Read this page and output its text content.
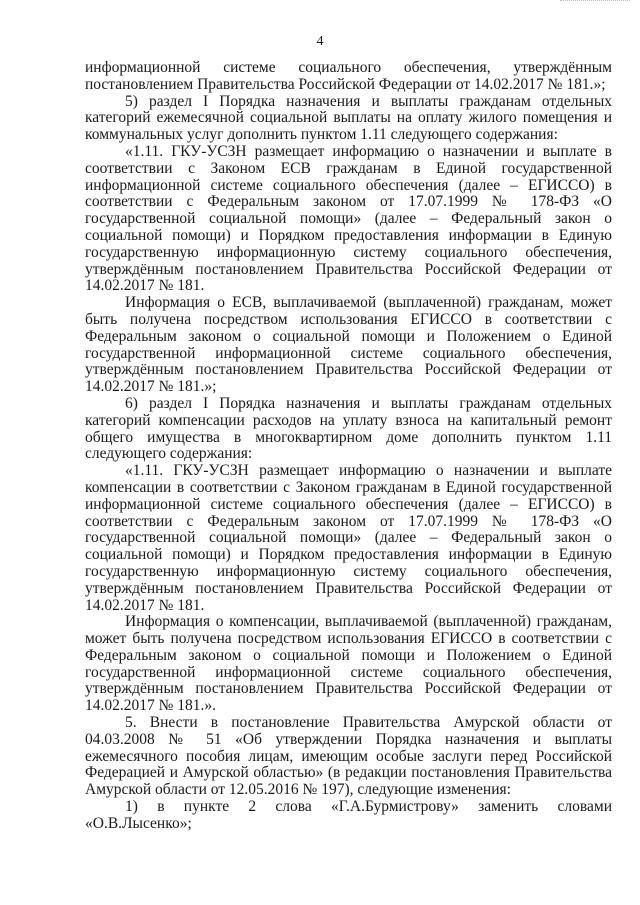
4

информационной системе социального обеспечения, утверждённым постановлением Правительства Российской Федерации от 14.02.2017 № 181.»;

5) раздел I Порядка назначения и выплаты гражданам отдельных категорий ежемесячной социальной выплаты на оплату жилого помещения и коммунальных услуг дополнить пунктом 1.11 следующего содержания:

«1.11. ГКУ-УСЗН размещает информацию о назначении и выплате в соответствии с Законом ЕСВ гражданам в Единой государственной информационной системе социального обеспечения (далее – ЕГИССО) в соответствии с Федеральным законом от 17.07.1999 № 178-ФЗ «О государственной социальной помощи» (далее – Федеральный закон о социальной помощи) и Порядком предоставления информации в Единую государственную информационную систему социального обеспечения, утверждённым постановлением Правительства Российской Федерации от 14.02.2017 № 181.

Информация о ЕСВ, выплачиваемой (выплаченной) гражданам, может быть получена посредством использования ЕГИССО в соответствии с Федеральным законом о социальной помощи и Положением о Единой государственной информационной системе социального обеспечения, утверждённым постановлением Правительства Российской Федерации от 14.02.2017 № 181.»;

6) раздел I Порядка назначения и выплаты гражданам отдельных категорий компенсации расходов на уплату взноса на капитальный ремонт общего имущества в многоквартирном доме дополнить пунктом 1.11 следующего содержания:

«1.11. ГКУ-УСЗН размещает информацию о назначении и выплате компенсации в соответствии с Законом гражданам в Единой государственной информационной системе социального обеспечения (далее – ЕГИССО) в соответствии с Федеральным законом от 17.07.1999 № 178-ФЗ «О государственной социальной помощи» (далее – Федеральный закон о социальной помощи) и Порядком предоставления информации в Единую государственную информационную систему социального обеспечения, утверждённым постановлением Правительства Российской Федерации от 14.02.2017 № 181.

Информация о компенсации, выплачиваемой (выплаченной) гражданам, может быть получена посредством использования ЕГИССО в соответствии с Федеральным законом о социальной помощи и Положением о Единой государственной информационной системе социального обеспечения, утверждённым постановлением Правительства Российской Федерации от 14.02.2017 № 181.».

5. Внести в постановление Правительства Амурской области от 04.03.2008 № 51 «Об утверждении Порядка назначения и выплаты ежемесячного пособия лицам, имеющим особые заслуги перед Российской Федерацией и Амурской областью» (в редакции постановления Правительства Амурской области от 12.05.2016 № 197), следующие изменения:

1) в пункте 2 слова «Г.А.Бурмистрову» заменить словами «О.В.Лысенко»;
